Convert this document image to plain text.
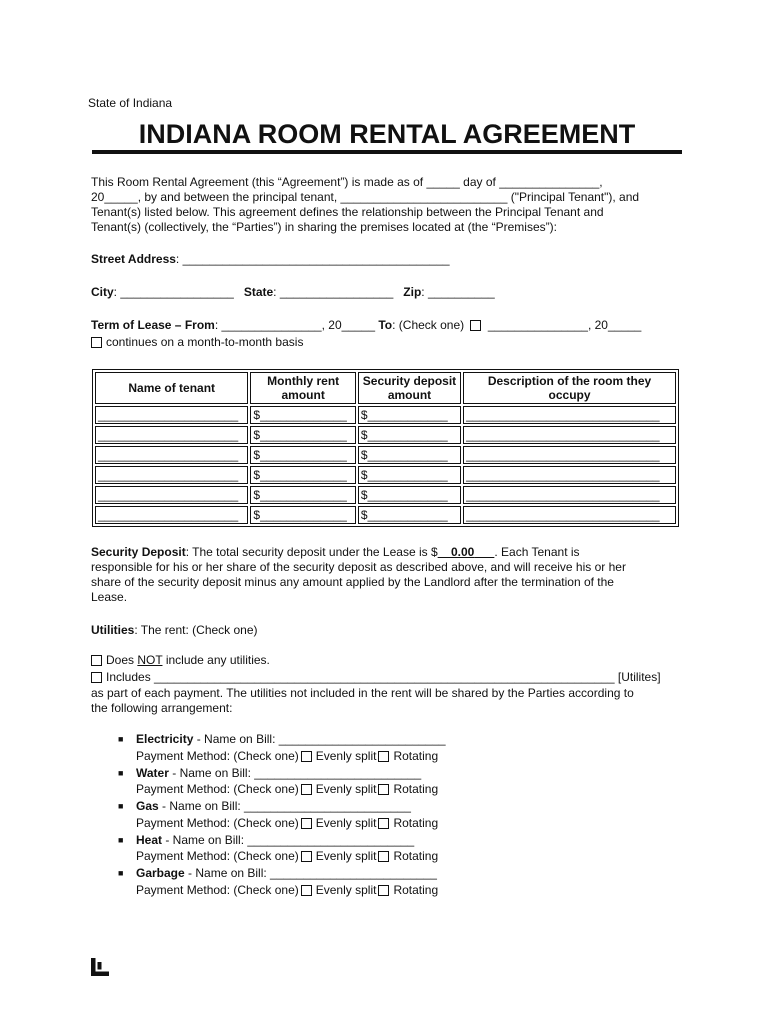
State of Indiana
INDIANA ROOM RENTAL AGREEMENT

This Room Rental Agreement (this “Agreement”) is made as of _____ day of _______________,

20_____, by and between the principal tenant, _________________________ ("Principal Tenant"), and

Tenant(s) listed below. This agreement defines the relationship between the Principal Tenant and

Tenant(s) (collectively, the “Parties”) in sharing the premises located at (the “Premises”):

Street Address: ________________________________________
City: _________________ State: _________________ Zip: __________
Term of Lease – From: _______________, 20_____ To: (Check one) _______________, 20_____
continues on a month-to-month basis
Name of tenant	Monthly rent amount	Security deposit amount	Description of the room they occupy
_____________________	$_____________	$____________	_____________________________
_____________________	$_____________	$____________	_____________________________
_____________________	$_____________	$____________	_____________________________
_____________________	$_____________	$____________	_____________________________
_____________________	$_____________	$____________	_____________________________
_____________________	$_____________	$____________	_____________________________

Security Deposit: The total security deposit under the Lease is $ 0.00 . Each Tenant is

responsible for his or her share of the security deposit as described above, and will receive his or her

share of the security deposit minus any amount applied by the Landlord after the termination of the

Lease.

Utilities: The rent: (Check one)
Does NOT include any utilities.
Includes _____________________________________________________________________ [Utilites]

as part of each payment. The utilities not included in the rent will be shared by the Parties according to

the following arrangement:

■ Electricity - Name on Bill: _________________________
Payment Method: (Check one) Evenly split Rotating
■ Water - Name on Bill: _________________________
Payment Method: (Check one) Evenly split Rotating
■ Gas - Name on Bill: _________________________
Payment Method: (Check one) Evenly split Rotating
■ Heat - Name on Bill: _________________________
Payment Method: (Check one) Evenly split Rotating
■ Garbage - Name on Bill: _________________________
Payment Method: (Check one) Evenly split Rotating
